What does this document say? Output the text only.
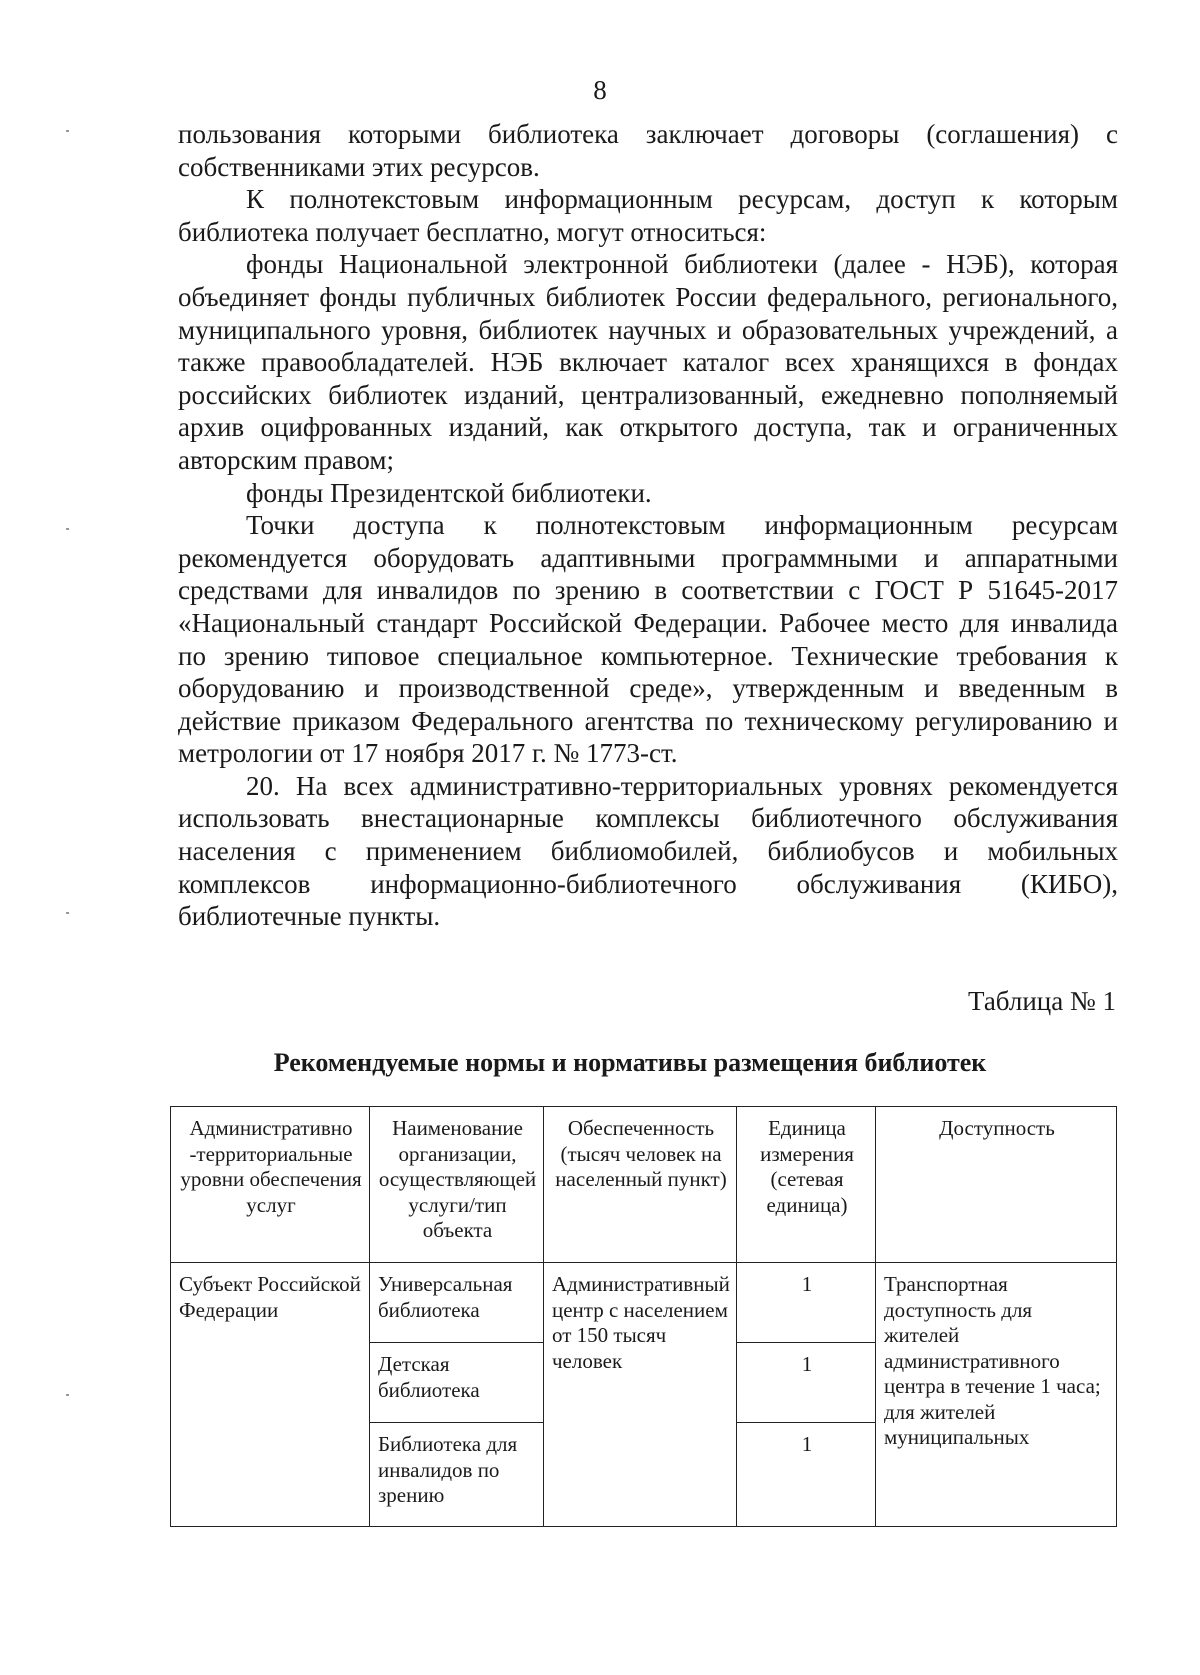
8

пользования которыми библиотека заключает договоры (соглашения) с собственниками этих ресурсов.

К полнотекстовым информационным ресурсам, доступ к которым библиотека получает бесплатно, могут относиться:

фонды Национальной электронной библиотеки (далее - НЭБ), которая объединяет фонды публичных библиотек России федерального, регионального, муниципального уровня, библиотек научных и образовательных учреждений, а также правообладателей. НЭБ включает каталог всех хранящихся в фондах российских библиотек изданий, централизованный, ежедневно пополняемый архив оцифрованных изданий, как открытого доступа, так и ограниченных авторским правом;

фонды Президентской библиотеки.

Точки доступа к полнотекстовым информационным ресурсам рекомендуется оборудовать адаптивными программными и аппаратными средствами для инвалидов по зрению в соответствии с ГОСТ Р 51645-2017 «Национальный стандарт Российской Федерации. Рабочее место для инвалида по зрению типовое специальное компьютерное. Технические требования к оборудованию и производственной среде», утвержденным и введенным в действие приказом Федерального агентства по техническому регулированию и метрологии от 17 ноября 2017 г. № 1773-ст.

20. На всех административно-территориальных уровнях рекомендуется использовать внестационарные комплексы библиотечного обслуживания населения с применением библиомобилей, библиобусов и мобильных комплексов информационно-библиотечного обслуживания (КИБО), библиотечные пункты.

Таблица № 1
Рекомендуемые нормы и нормативы размещения библиотек
Административно -территориальные уровни обеспечения услуг	Наименование организации, осуществляющей услуги/тип объекта	Обеспеченность (тысяч человек на населенный пункт)	Единица измерения (сетевая единица)	Доступность
Субъект Российской Федерации	Универсальная библиотека	Административный центр с населением от 150 тысяч человек	1	Транспортная доступность для жителей административного центра в течение 1 часа; для жителей муниципальных
	Детская библиотека		1	
	Библиотека для инвалидов по зрению		1	
